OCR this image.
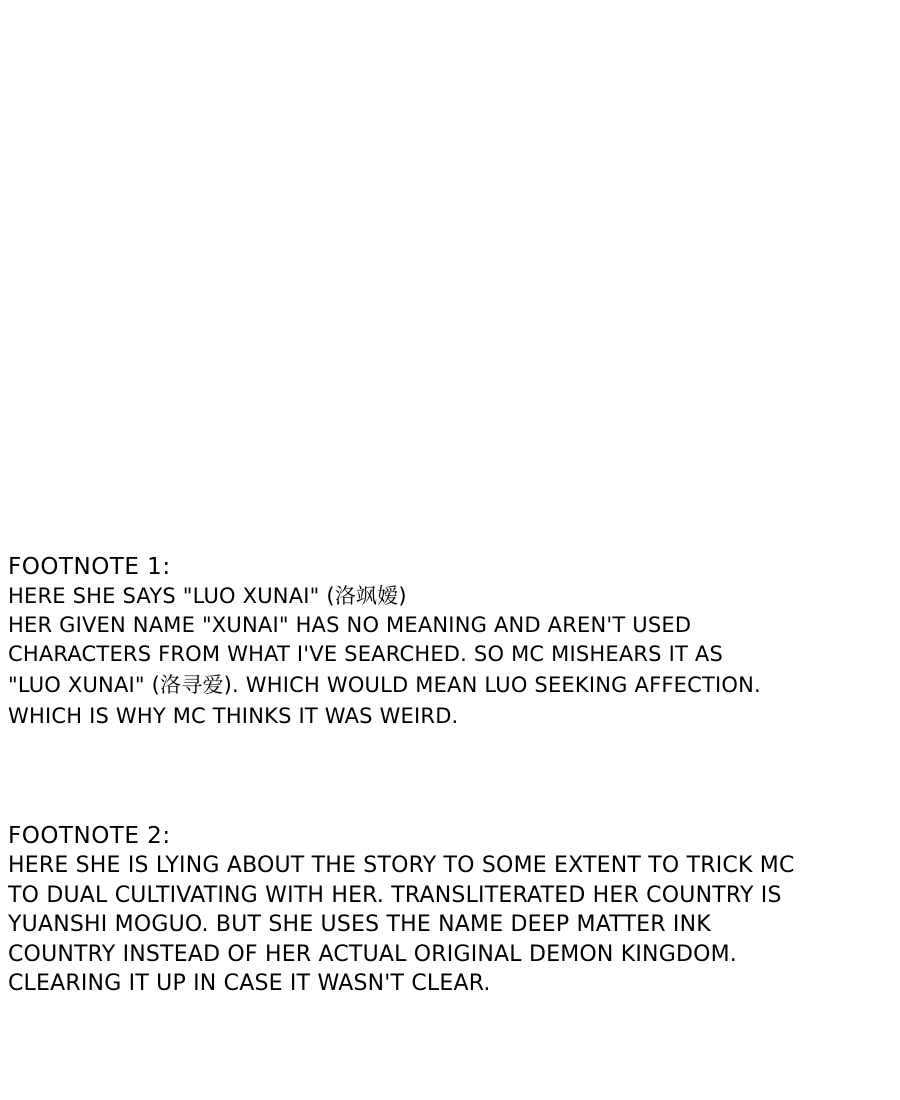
FOOTNOTE 1:
HERE SHE SAYS "LUO XUNAI" (洛飒嫒)
HER GIVEN NAME "XUNAI" HAS NO MEANING AND AREN'T USED
CHARACTERS FROM WHAT I'VE SEARCHED. SO MC MISHEARS IT AS
"LUO XUNAI" (洛寻爱). WHICH WOULD MEAN LUO SEEKING AFFECTION.
WHICH IS WHY MC THINKS IT WAS WEIRD.
FOOTNOTE 2:
HERE SHE IS LYING ABOUT THE STORY TO SOME EXTENT TO TRICK MC
TO DUAL CULTIVATING WITH HER. TRANSLITERATED HER COUNTRY IS
YUANSHI MOGUO. BUT SHE USES THE NAME DEEP MATTER INK
COUNTRY INSTEAD OF HER ACTUAL ORIGINAL DEMON KINGDOM.
CLEARING IT UP IN CASE IT WASN'T CLEAR.
